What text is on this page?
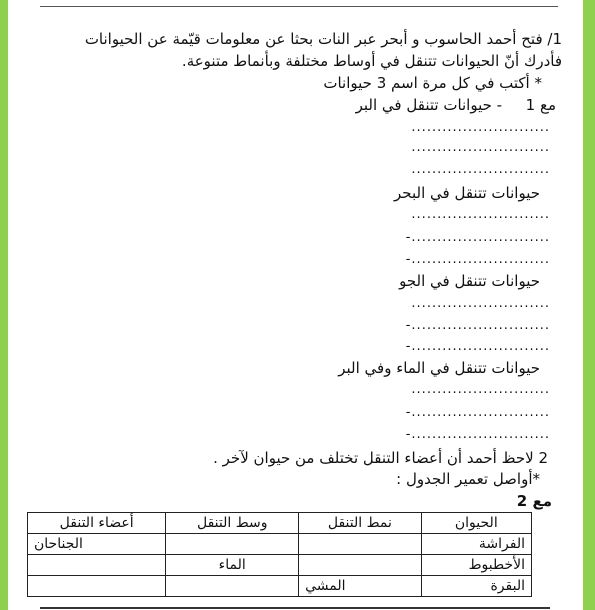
1/ فتح أحمد الحاسوب و أبحر عبر النات بحثا عن معلومات قيّمة عن الحيوانات
فأدرك أنّ الحيوانات تتنقل في أوساط مختلفة وبأنماط متنوعة.
* أكتب في كل مرة اسم 3 حيوانات
مع 1  - حيوانات تتنقل في البر
...........................
...........................
...........................
حيوانات تتنقل في البحر
...........................
...........................-
...........................-
حيوانات تتنقل في الجو
...........................
...........................-
...........................-
حيوانات تتنقل في الماء وفي البر
...........................
...........................-
...........................-
2 لاحظ أحمد أن أعضاء التنقل تختلف من حيوان لآخر .
*أواصل تعمير الجدول :
مع 2
الحيوان	نمط التنقل	وسط التنقل	أعضاء التنقل
الفراشة			الجناحان
الأخطبوط		الماء	
البقرة	المشي		
